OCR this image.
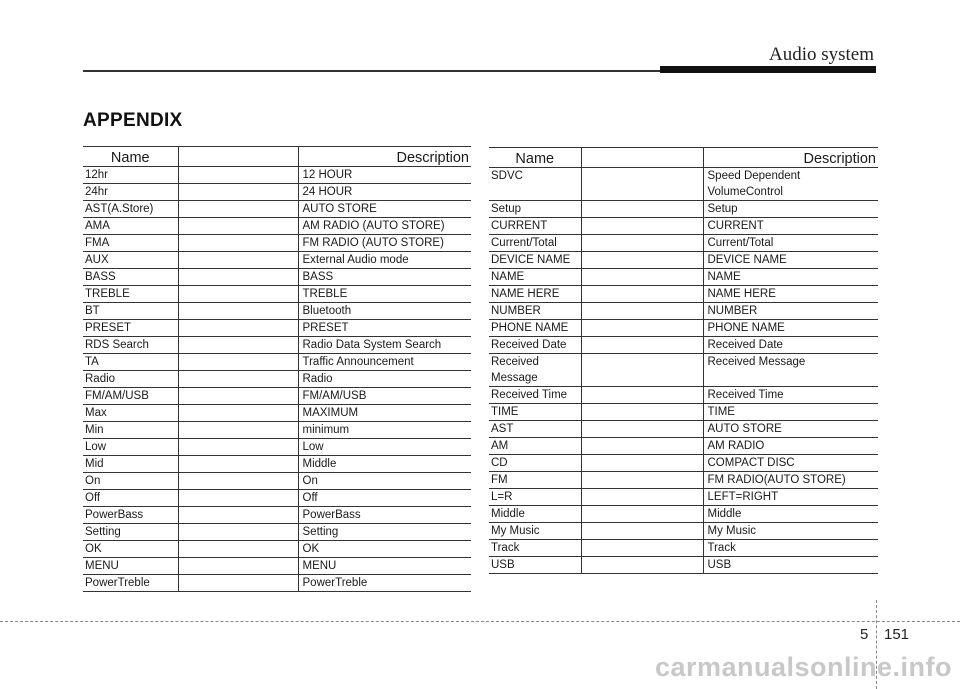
Audio system
APPENDIX
Name		Description
12hr		12 HOUR
24hr		24 HOUR
AST(A.Store)		AUTO STORE
AMA		AM RADIO (AUTO STORE)
FMA		FM RADIO (AUTO STORE)
AUX		External Audio mode
BASS		BASS
TREBLE		TREBLE
BT		Bluetooth
PRESET		PRESET
RDS Search		Radio Data System Search
TA		Traffic Announcement
Radio		Radio
FM/AM/USB		FM/AM/USB
Max		MAXIMUM
Min		minimum
Low		Low
Mid		Middle
On		On
Off		Off
PowerBass		PowerBass
Setting		Setting
OK		OK
MENU		MENU
PowerTreble		PowerTreble
Name		Description

SDVC		Speed Dependent
VolumeControl

Setup		Setup

CURRENT		CURRENT

Current/Total		Current/Total

DEVICE NAME		DEVICE NAME

NAME		NAME

NAME HERE		NAME HERE

NUMBER		NUMBER

PHONE NAME		PHONE NAME

Received Date		Received Date

Received
Message		Received Message

Received Time		Received Time

TIME		TIME

AST		AUTO STORE

AM		AM RADIO

CD		COMPACT DISC

FM		FM RADIO(AUTO STORE)

L=R		LEFT=RIGHT

Middle		Middle

My Music		My Music

Track		Track

USB		USB
5 151
carmanualsonline.info
